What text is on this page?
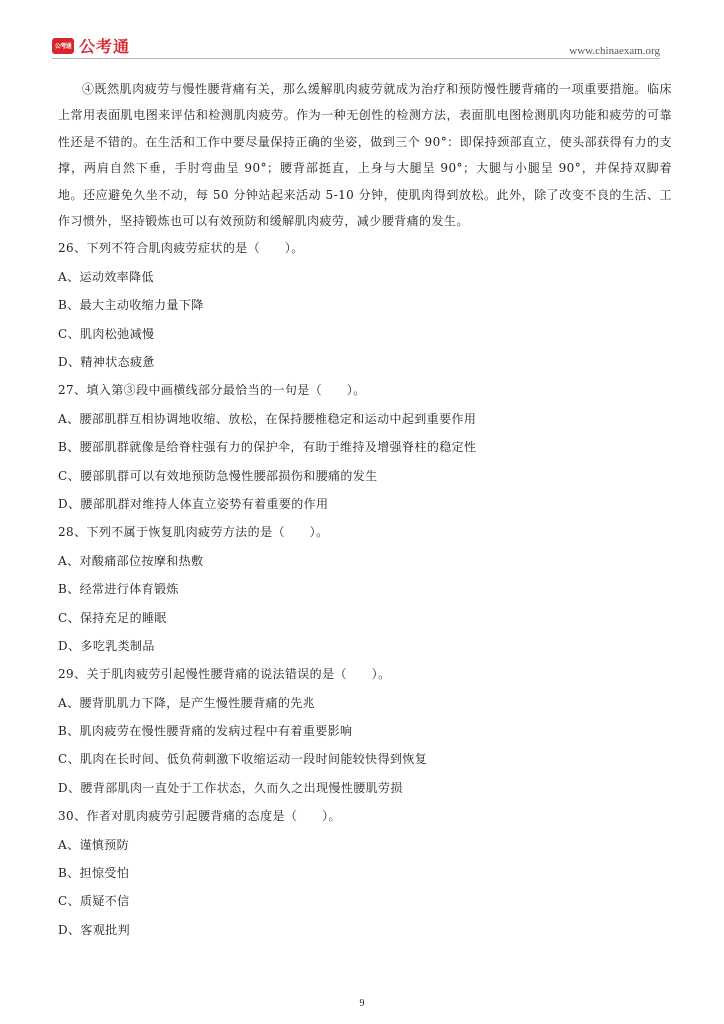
公考通 公考通	www.chinaexam.org

④既然肌肉疲劳与慢性腰背痛有关，那么缓解肌肉疲劳就成为治疗和预防慢性腰背痛的一项重要措施。临床上常用表面肌电图来评估和检测肌肉疲劳。作为一种无创性的检测方法，表面肌电图检测肌肉功能和疲劳的可靠性还是不错的。在生活和工作中要尽量保持正确的坐姿，做到三个 90°：即保持颈部直立，使头部获得有力的支撑，两肩自然下垂，手肘弯曲呈 90°；腰背部挺直，上身与大腿呈 90°；大腿与小腿呈 90°，并保持双脚着地。还应避免久坐不动，每 50 分钟站起来活动 5-10 分钟，使肌肉得到放松。此外，除了改变不良的生活、工作习惯外，坚持锻炼也可以有效预防和缓解肌肉疲劳，减少腰背痛的发生。

26、下列不符合肌肉疲劳症状的是（　　）。
A、运动效率降低
B、最大主动收缩力量下降
C、肌肉松弛减慢
D、精神状态疲惫
27、填入第③段中画横线部分最恰当的一句是（　　）。
A、腰部肌群互相协调地收缩、放松，在保持腰椎稳定和运动中起到重要作用
B、腰部肌群就像是给脊柱强有力的保护伞，有助于维持及增强脊柱的稳定性
C、腰部肌群可以有效地预防急慢性腰部损伤和腰痛的发生
D、腰部肌群对维持人体直立姿势有着重要的作用
28、下列不属于恢复肌肉疲劳方法的是（　　）。
A、对酸痛部位按摩和热敷
B、经常进行体育锻炼
C、保持充足的睡眠
D、多吃乳类制品
29、关于肌肉疲劳引起慢性腰背痛的说法错误的是（　　）。
A、腰背肌肌力下降，是产生慢性腰背痛的先兆
B、肌肉疲劳在慢性腰背痛的发病过程中有着重要影响
C、肌肉在长时间、低负荷刺激下收缩运动一段时间能较快得到恢复
D、腰背部肌肉一直处于工作状态，久而久之出现慢性腰肌劳损
30、作者对肌肉疲劳引起腰背痛的态度是（　　）。
A、谨慎预防
B、担惊受怕
C、质疑不信
D、客观批判
9
